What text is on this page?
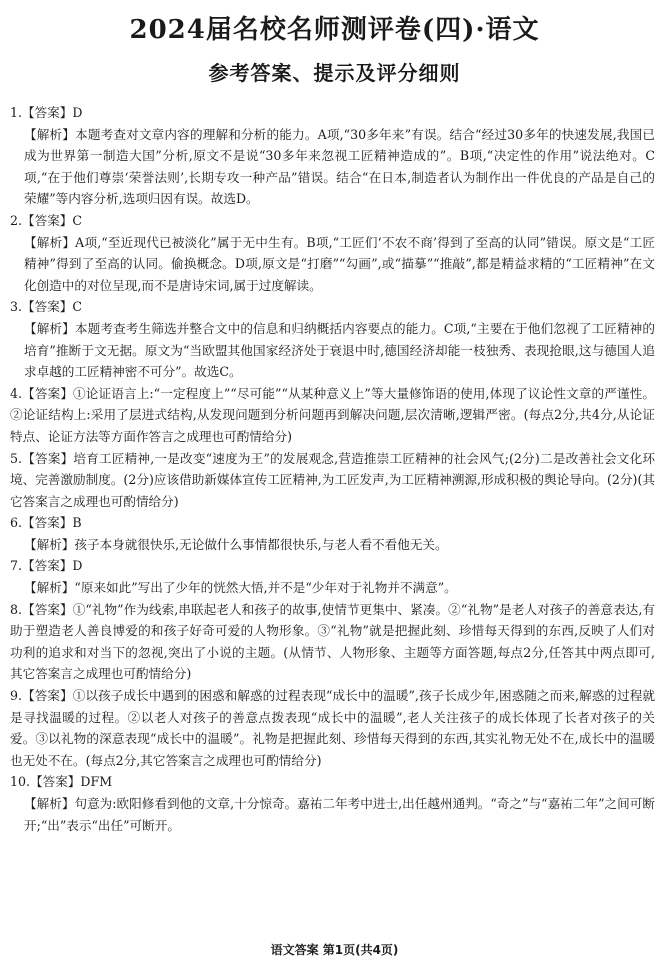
2024届名校名师测评卷(四)·语文
参考答案、提示及评分细则

1.【答案】D

【解析】本题考查对文章内容的理解和分析的能力。A项,“30多年来”有误。结合“经过30多年的快速发展,我国已成为世界第一制造大国”分析,原文不是说“30多年来忽视工匠精神造成的”。B项,“决定性的作用”说法绝对。C项,“在于他们尊崇‘荣誉法则’,长期专攻一种产品”错误。结合“在日本,制造者认为制作出一件优良的产品是自己的荣耀”等内容分析,选项归因有误。故选D。

2.【答案】C

【解析】A项,“至近现代已被淡化”属于无中生有。B项,“工匠们‘不农不商’得到了至高的认同”错误。原文是“工匠精神”得到了至高的认同。偷换概念。D项,原文是“打磨”“勾画”,或“描摹”“推敲”,都是精益求精的“工匠精神”在文化创造中的对位呈现,而不是唐诗宋词,属于过度解读。

3.【答案】C

【解析】本题考查考生筛选并整合文中的信息和归纳概括内容要点的能力。C项,“主要在于他们忽视了工匠精神的培育”推断于文无据。原文为“当欧盟其他国家经济处于衰退中时,德国经济却能一枝独秀、表现抢眼,这与德国人追求卓越的工匠精神密不可分”。故选C。

4.【答案】①论证语言上:“一定程度上”“尽可能”“从某种意义上”等大量修饰语的使用,体现了议论性文章的严谨性。②论证结构上:采用了层进式结构,从发现问题到分析问题再到解决问题,层次清晰,逻辑严密。(每点2分,共4分,从论证特点、论证方法等方面作答言之成理也可酌情给分)

5.【答案】培育工匠精神,一是改变“速度为王”的发展观念,营造推崇工匠精神的社会风气;(2分)二是改善社会文化环境、完善激励制度。(2分)应该借助新媒体宣传工匠精神,为工匠发声,为工匠精神溯源,形成积极的舆论导向。(2分)(其它答案言之成理也可酌情给分)

6.【答案】B

【解析】孩子本身就很快乐,无论做什么事情都很快乐,与老人看不看他无关。

7.【答案】D

【解析】“原来如此”写出了少年的恍然大悟,并不是“少年对于礼物并不满意”。

8.【答案】①“礼物”作为线索,串联起老人和孩子的故事,使情节更集中、紧凑。②“礼物”是老人对孩子的善意表达,有助于塑造老人善良博爱的和孩子好奇可爱的人物形象。③“礼物”就是把握此刻、珍惜每天得到的东西,反映了人们对功利的追求和对当下的忽视,突出了小说的主题。(从情节、人物形象、主题等方面答题,每点2分,任答其中两点即可,其它答案言之成理也可酌情给分)

9.【答案】①以孩子成长中遇到的困惑和解惑的过程表现“成长中的温暖”,孩子长成少年,困惑随之而来,解惑的过程就是寻找温暖的过程。②以老人对孩子的善意点拨表现“成长中的温暖”,老人关注孩子的成长体现了长者对孩子的关爱。③以礼物的深意表现“成长中的温暖”。礼物是把握此刻、珍惜每天得到的东西,其实礼物无处不在,成长中的温暖也无处不在。(每点2分,其它答案言之成理也可酌情给分)

10.【答案】DFM

【解析】句意为:欧阳修看到他的文章,十分惊奇。嘉祐二年考中进士,出任越州通判。“奇之”与“嘉祐二年”之间可断开;“出”表示“出任”可断开。

语文答案 第1页(共4页)
